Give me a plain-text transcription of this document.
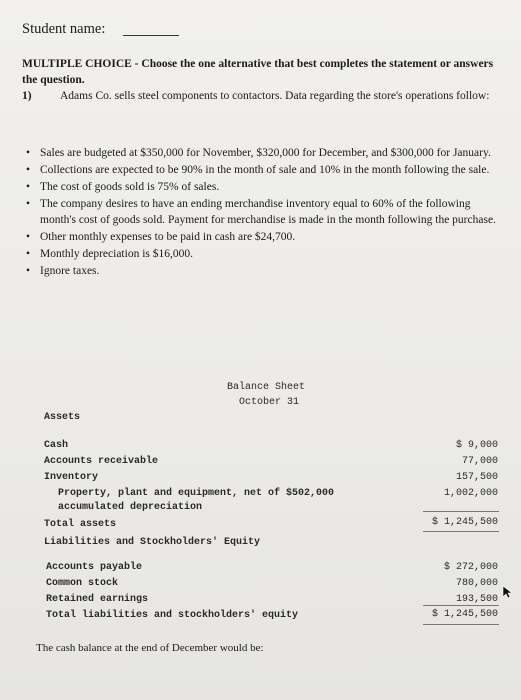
Student name:
MULTIPLE CHOICE - Choose the one alternative that best completes the statement or answers the question.
1) Adams Co. sells steel components to contactors. Data regarding the store's operations follow:
• Sales are budgeted at $350,000 for November, $320,000 for December, and $300,000 for January.
• Collections are expected to be 90% in the month of sale and 10% in the month following the sale.
• The cost of goods sold is 75% of sales.
• The company desires to have an ending merchandise inventory equal to 60% of the following month's cost of goods sold. Payment for merchandise is made in the month following the purchase.
• Other monthly expenses to be paid in cash are $24,700.
• Monthly depreciation is $16,000.
• Ignore taxes.
Balance Sheet
October 31
Assets
Cash
Accounts receivable
Inventory
Property, plant and equipment, net of $502,000
accumulated depreciation
Total assets
Liabilities and Stockholders' Equity
$ 9,000
77,000
157,500
1,002,000
$ 1,245,500
Accounts payable
Common stock
Retained earnings
Total liabilities and stockholders' equity
$ 272,000
780,000
193,500
$ 1,245,500
The cash balance at the end of December would be:
